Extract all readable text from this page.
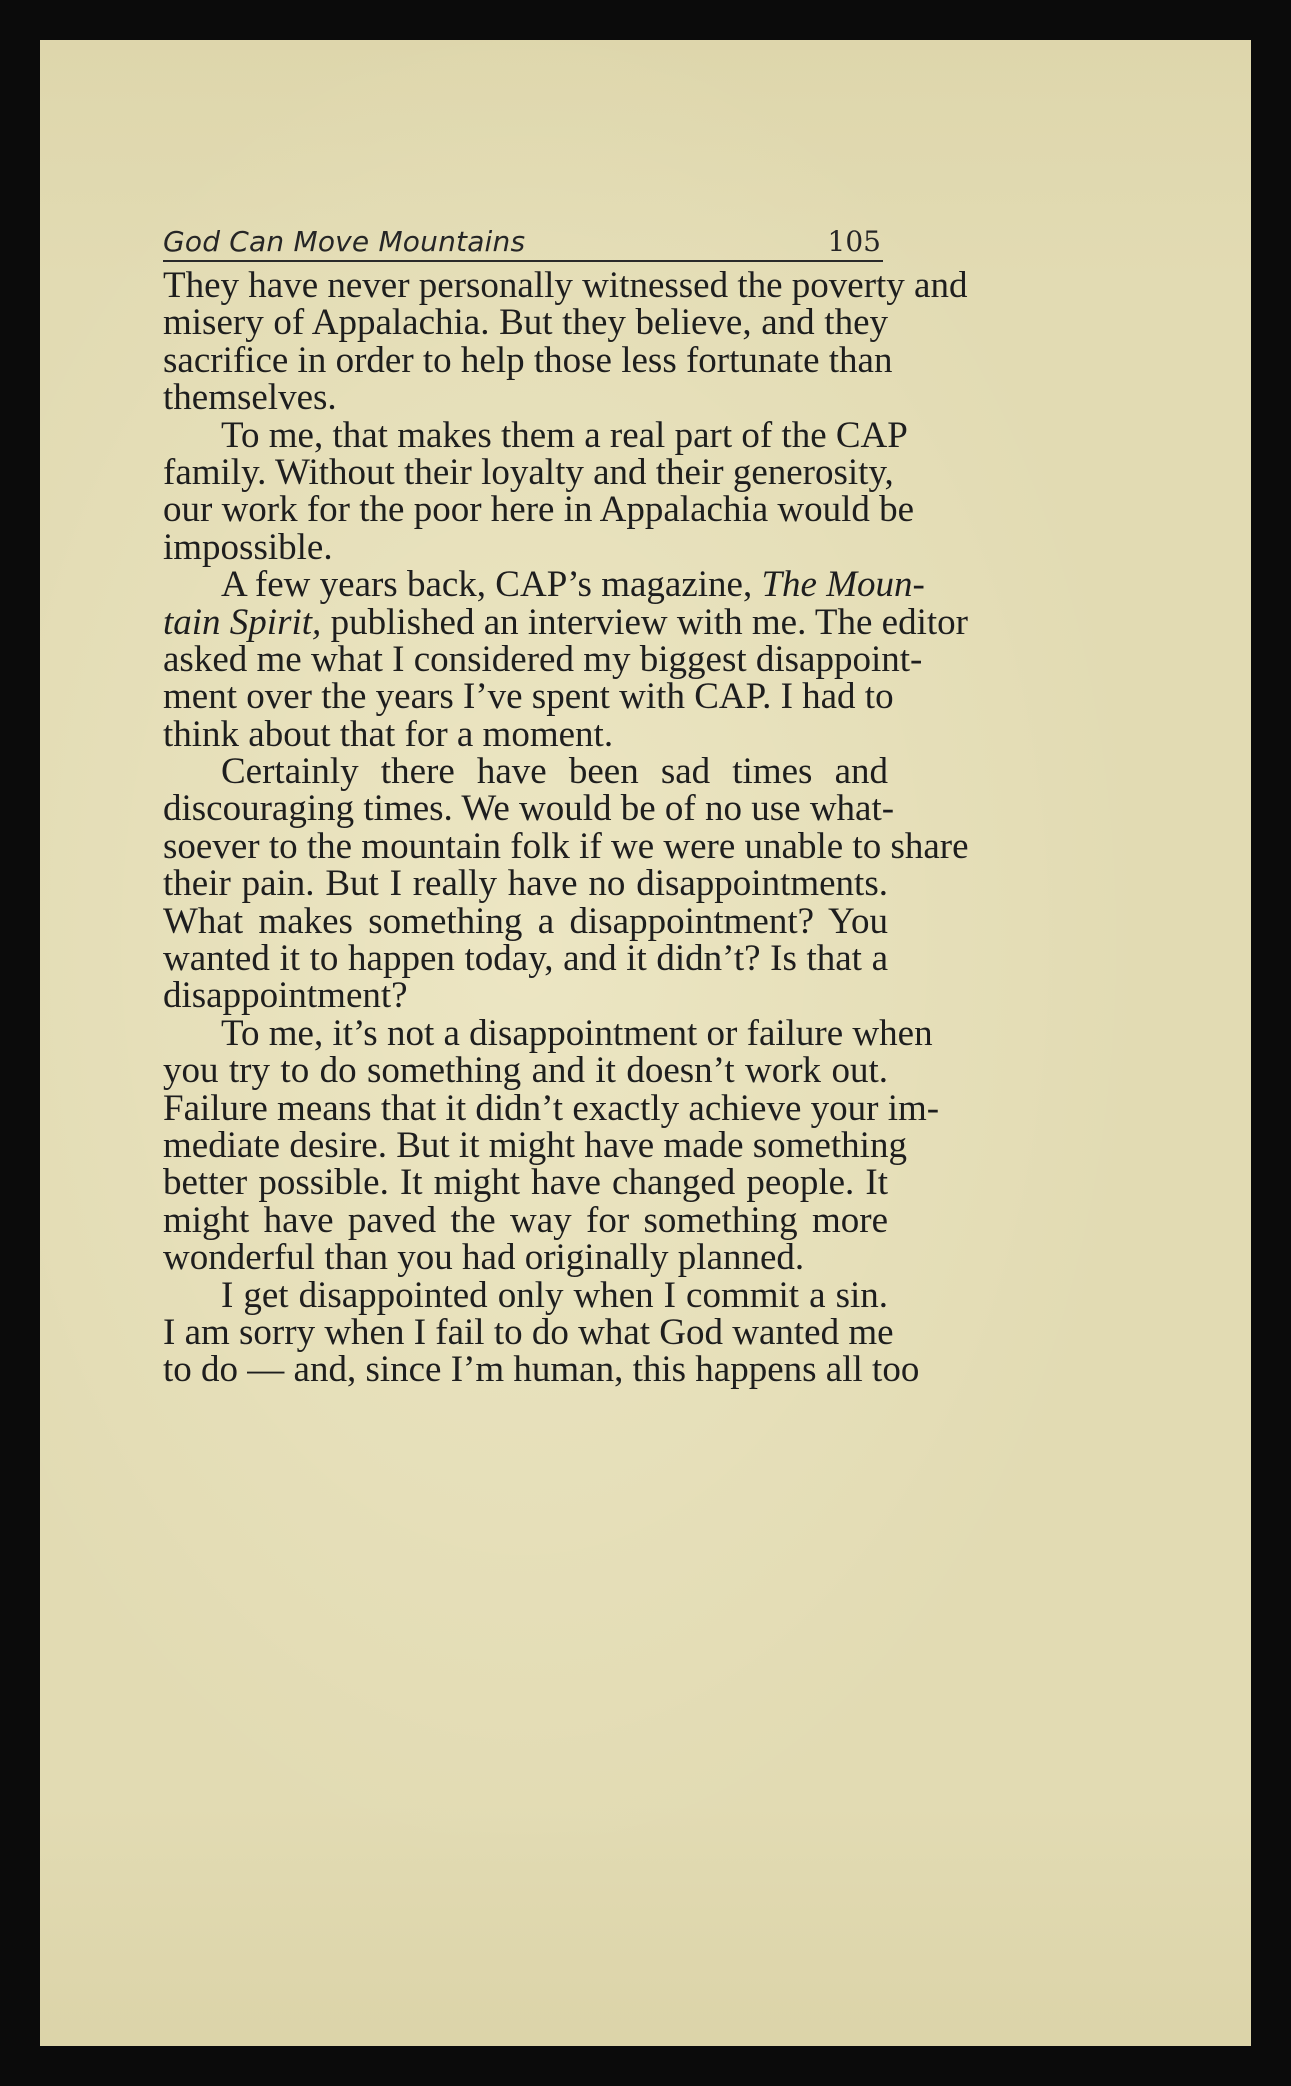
God Can Move Mountains	105
They have never personally witnessed the poverty and
misery of Appalachia. But they believe, and they
sacrifice in order to help those less fortunate than
themselves.
To me, that makes them a real part of the CAP
family. Without their loyalty and their generosity,
our work for the poor here in Appalachia would be
impossible.
A few years back, CAP’s magazine, The Moun-
tain Spirit, published an interview with me. The editor
asked me what I considered my biggest disappoint-
ment over the years I’ve spent with CAP. I had to
think about that for a moment.
Certainly there have been sad times and
discouraging times. We would be of no use what-
soever to the mountain folk if we were unable to share
their pain. But I really have no disappointments.
What makes something a disappointment? You
wanted it to happen today, and it didn’t? Is that a
disappointment?
To me, it’s not a disappointment or failure when
you try to do something and it doesn’t work out.
Failure means that it didn’t exactly achieve your im-
mediate desire. But it might have made something
better possible. It might have changed people. It
might have paved the way for something more
wonderful than you had originally planned.
I get disappointed only when I commit a sin.
I am sorry when I fail to do what God wanted me
to do — and, since I’m human, this happens all too
